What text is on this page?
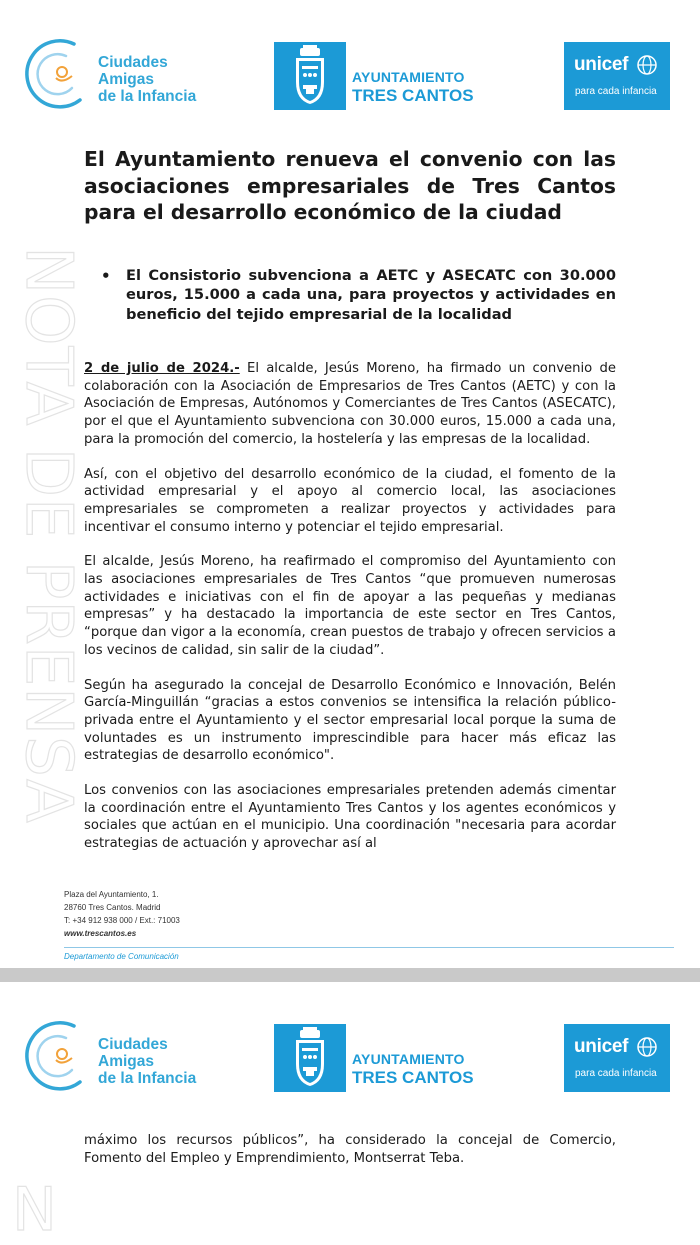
NOTA DE PRENSA
Ciudades
Amigas
de la Infancia
AYUNTAMIENTO
TRES CANTOS
unicef
para cada infancia
El Ayuntamiento renueva el convenio con las asociaciones empresariales de Tres Cantos para el desarrollo económico de la ciudad
• El Consistorio subvenciona a AETC y ASECATC con 30.000 euros, 15.000 a cada una, para proyectos y actividades en beneficio del tejido empresarial de la localidad

2 de julio de 2024.- El alcalde, Jesús Moreno, ha firmado un convenio de colaboración con la Asociación de Empresarios de Tres Cantos (AETC) y con la Asociación de Empresas, Autónomos y Comerciantes de Tres Cantos (ASECATC), por el que el Ayuntamiento subvenciona con 30.000 euros, 15.000 a cada una, para la promoción del comercio, la hostelería y las empresas de la localidad.

Así, con el objetivo del desarrollo económico de la ciudad, el fomento de la actividad empresarial y el apoyo al comercio local, las asociaciones empresariales se comprometen a realizar proyectos y actividades para incentivar el consumo interno y potenciar el tejido empresarial.

El alcalde, Jesús Moreno, ha reafirmado el compromiso del Ayuntamiento con las asociaciones empresariales de Tres Cantos “que promueven numerosas actividades e iniciativas con el fin de apoyar a las pequeñas y medianas empresas” y ha destacado la importancia de este sector en Tres Cantos, “porque dan vigor a la economía, crean puestos de trabajo y ofrecen servicios a los vecinos de calidad, sin salir de la ciudad”.

Según ha asegurado la concejal de Desarrollo Económico e Innovación, Belén García-Minguillán “gracias a estos convenios se intensifica la relación público-privada entre el Ayuntamiento y el sector empresarial local porque la suma de voluntades es un instrumento imprescindible para hacer más eficaz las estrategias de desarrollo económico".

Los convenios con las asociaciones empresariales pretenden además cimentar la coordinación entre el Ayuntamiento Tres Cantos y los agentes económicos y sociales que actúan en el municipio. Una coordinación "necesaria para acordar estrategias de actuación y aprovechar así al

Plaza del Ayuntamiento, 1.
28760 Tres Cantos. Madrid
T: +34 912 938 000 / Ext.: 71003
www.trescantos.es
Departamento de Comunicación
N
Ciudades
Amigas
de la Infancia
AYUNTAMIENTO
TRES CANTOS
unicef
para cada infancia

máximo los recursos públicos”, ha considerado la concejal de Comercio, Fomento del Empleo y Emprendimiento, Montserrat Teba.
